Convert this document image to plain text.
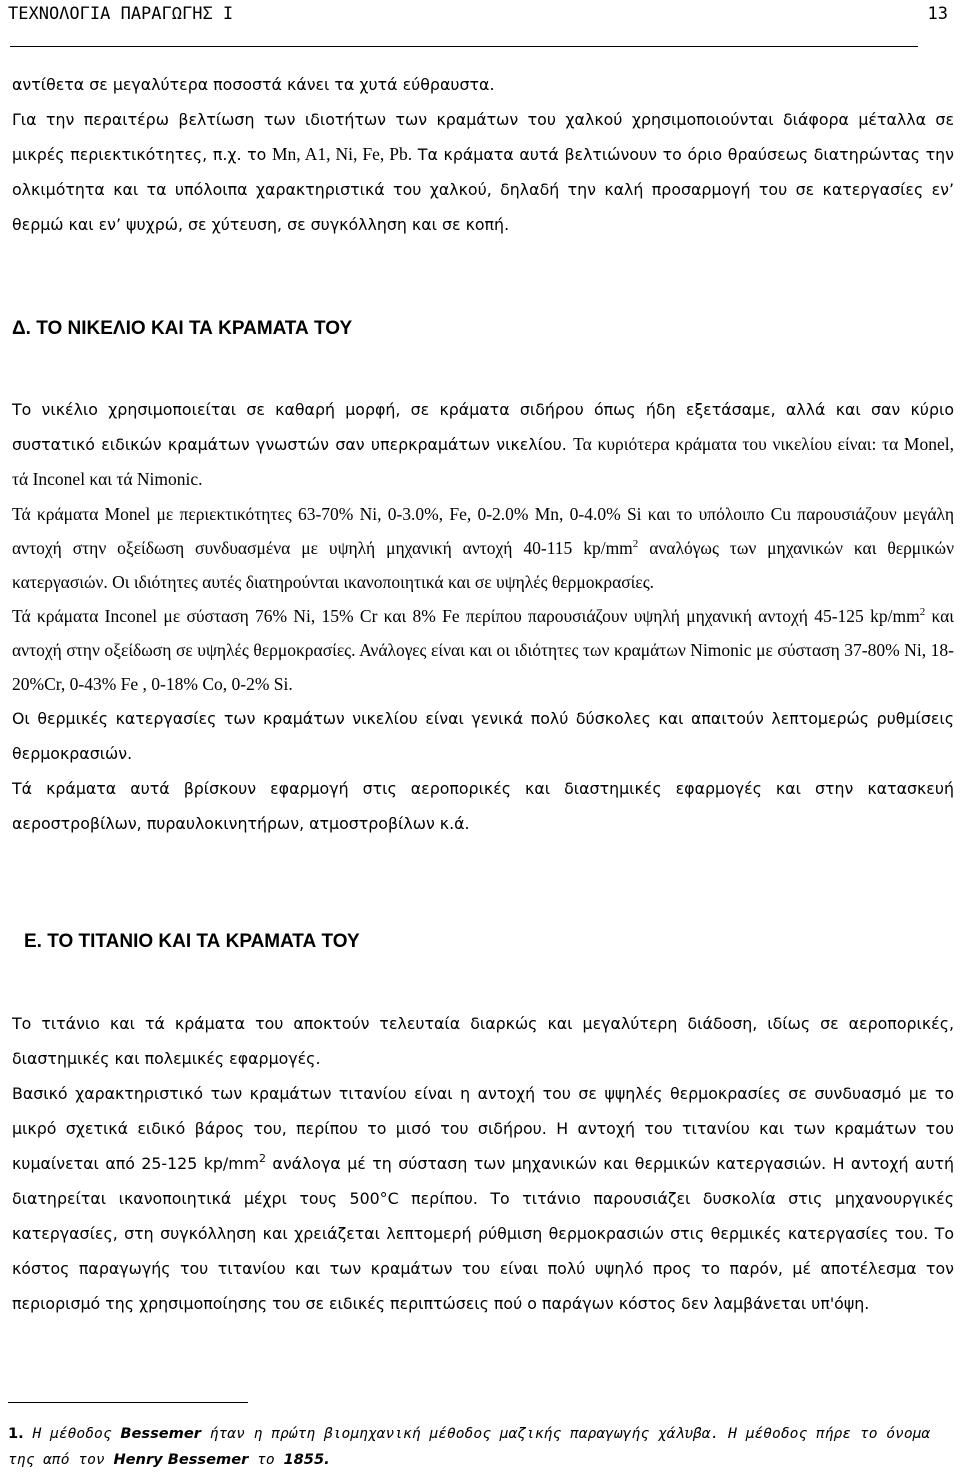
ΤΕΧΝΟΛΟΓΙΑ ΠΑΡΑΓΩΓΗΣ Ι	13

αντίθετα σε μεγαλύτερα ποσοστά κάνει τα χυτά εύθραυστα.

Για την περαιτέρω βελτίωση των ιδιοτήτων των κραμάτων του χαλκού χρησιμοποιούνται διάφορα μέταλλα σε μικρές περιεκτικότητες, π.χ. το Mn, A1, Ni, Fe, Pb. Τα κράματα αυτά βελτιώνουν το όριο θραύσεως διατηρώντας την ολκιμότητα και τα υπόλοιπα χαρακτηριστικά του χαλκού, δηλαδή την καλή προσαρμογή του σε κατεργασίες εν’ θερμώ και εν’ ψυχρώ, σε χύτευση, σε συγκόλληση και σε κοπή.

Δ. ΤΟ ΝΙΚΕΛΙΟ ΚΑΙ ΤΑ ΚΡΑΜΑΤΑ ΤΟΥ

Το νικέλιο χρησιμοποιείται σε καθαρή μορφή, σε κράματα σιδήρου όπως ήδη εξετάσαμε, αλλά και σαν κύριο συστατικό ειδικών κραμάτων γνωστών σαν υπερκραμάτων νικελίου. Τα κυριότερα κράματα του νικελίου είναι: τα Monel, τά Inconel και τά Nimonic.

Τά κράματα Monel με περιεκτικότητες 63-70% Ni, 0-3.0%, Fe, 0-2.0% Mn, 0-4.0% Si και το υπόλοιπο Cu παρουσιάζουν μεγάλη αντοχή στην οξείδωση συνδυασμένα με υψηλή μηχανική αντοχή 40-115 $kp/mm^2$ αναλόγως των μηχανικών και θερμικών κατεργασιών. Οι ιδιότητες αυτές διατηρούνται ικανοποιητικά και σε υψηλές θερμοκρασίες.

Τά κράματα Inconel με σύσταση 76% Ni, 15% Cr και 8% Fe περίπου παρουσιάζουν υψηλή μηχανική αντοχή 45-125 $kp/mm^2$ και αντοχή στην οξείδωση σε υψηλές θερμοκρασίες. Ανάλογες είναι και οι ιδιότητες των κραμάτων Nimonic με σύσταση 37-80% Ni, 18-20%Cr, 0-43% Fe , 0-18% Co, 0-2% Si.

Οι θερμικές κατεργασίες των κραμάτων νικελίου είναι γενικά πολύ δύσκολες και απαιτούν λεπτομερώς ρυθμίσεις θερμοκρασιών.

Τά κράματα αυτά βρίσκουν εφαρμογή στις αεροπορικές και διαστημικές εφαρμογές και στην κατασκευή αεροστροβίλων, πυραυλοκινητήρων, ατμοστροβίλων κ.ά.

Ε. ΤΟ ΤΙΤΑΝΙΟ ΚΑΙ ΤΑ ΚΡΑΜΑΤΑ ΤΟΥ

Το τιτάνιο και τά κράματα του αποκτούν τελευταία διαρκώς και μεγαλύτερη διάδοση, ιδίως σε αεροπορικές, διαστημικές και πολεμικές εφαρμογές.

Βασικό χαρακτηριστικό των κραμάτων τιτανίου είναι η αντοχή του σε ψψηλές θερμοκρασίες σε συνδυασμό με το μικρό σχετικά ειδικό βάρος του, περίπου το μισό του σιδήρου. Η αντοχή του τιτανίου και των κραμάτων του κυμαίνεται από 25-125 $kp/mm^2$ ανάλογα μέ τη σύσταση των μηχανικών και θερμικών κατεργασιών. Η αντοχή αυτή διατηρείται ικανοποιητικά μέχρι τους 500°C περίπου. Το τιτάνιο παρουσιάζει δυσκολία στις μηχανουργικές κατεργασίες, στη συγκόλληση και χρειάζεται λεπτομερή ρύθμιση θερμοκρασιών στις θερμικές κατεργασίες του. Το κόστος παραγωγής του τιτανίου και των κραμάτων του είναι πολύ υψηλό προς το παρόν, μέ αποτέλεσμα τον περιορισμό της χρησιμοποίησης του σε ειδικές περιπτώσεις πού ο παράγων κόστος δεν λαμβάνεται υπ'όψη.

1. Η μέθοδος Bessemer ήταν η πρώτη βιομηχανική μέθοδος μαζικής παραγωγής χάλυβα. Η μέθοδος πήρε το όνομα της από τον Henry Bessemer το 1855.
